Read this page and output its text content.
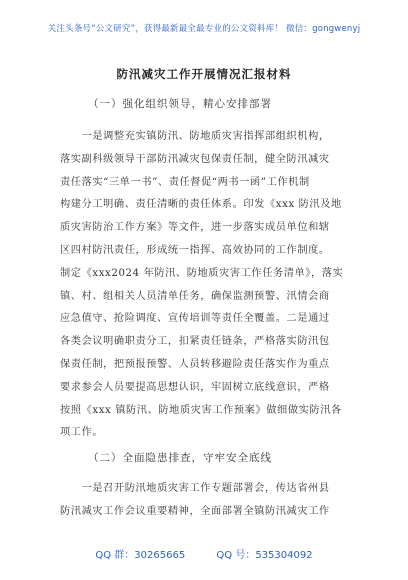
关注头条号“公文研究”，获得最新最全最专业的公文资料库！ 微信：gongwenyj
防汛减灾工作开展情况汇报材料
（一）强化组织领导，精心安排部署
　　一是调整充实镇防汛、防地质灾害指挥部组织机构，
落实副科级领导干部防汛减灾包保责任制，健全防汛减灾
责任落实“三单一书”、责任督促“两书一函”工作机制
构建分工明确、责任清晰的责任体系。印发《xxx 防汛及地
质灾害防治工作方案》等文件，进一步落实成员单位和辖
区四村防汛责任，形成统一指挥、高效协同的工作制度。
制定《xxx2024 年防汛、防地质灾害工作任务清单》，落实
镇、村、组相关人员清单任务，确保监测预警、汛情会商
应急值守、抢险调度、宣传培训等责任全覆盖。二是通过
各类会议明确职责分工，扣紧责任链条，严格落实防汛包
保责任制，把预报预警、人员转移避险责任落实作为重点
要求参会人员要提高思想认识，牢固树立底线意识，严格
按照《xxx 镇防汛、防地质灾害工作预案》做细做实防汛各
项工作。
（二）全面隐患排查，守牢安全底线
　　一是召开防汛地质灾害工作专题部署会，传达省州县
防汛减灾工作会议重要精神，全面部署全镇防汛减灾工作
QQ 群：30265665	QQ 号：535304092
